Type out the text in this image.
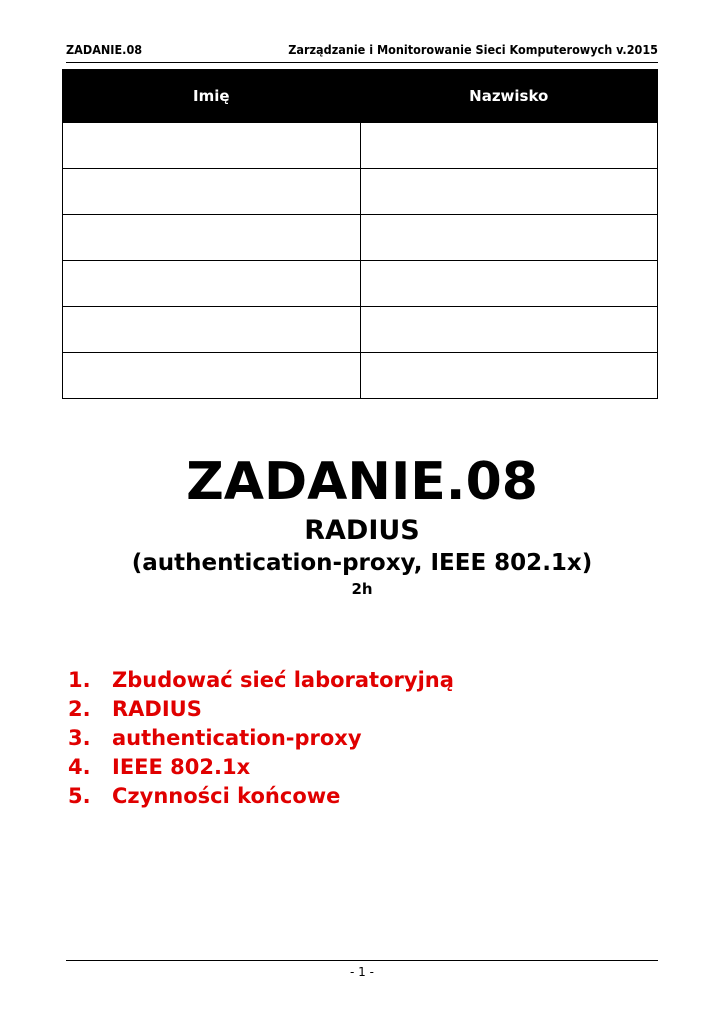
ZADANIE.08	Zarządzanie i Monitorowanie Sieci Komputerowych v.2015
Imię	Nazwisko

ZADANIE.08
RADIUS
(authentication-proxy, IEEE 802.1x)
2h
1. Zbudować sieć laboratoryjną
2. RADIUS
3. authentication-proxy
4. IEEE 802.1x
5. Czynności końcowe
- 1 -
